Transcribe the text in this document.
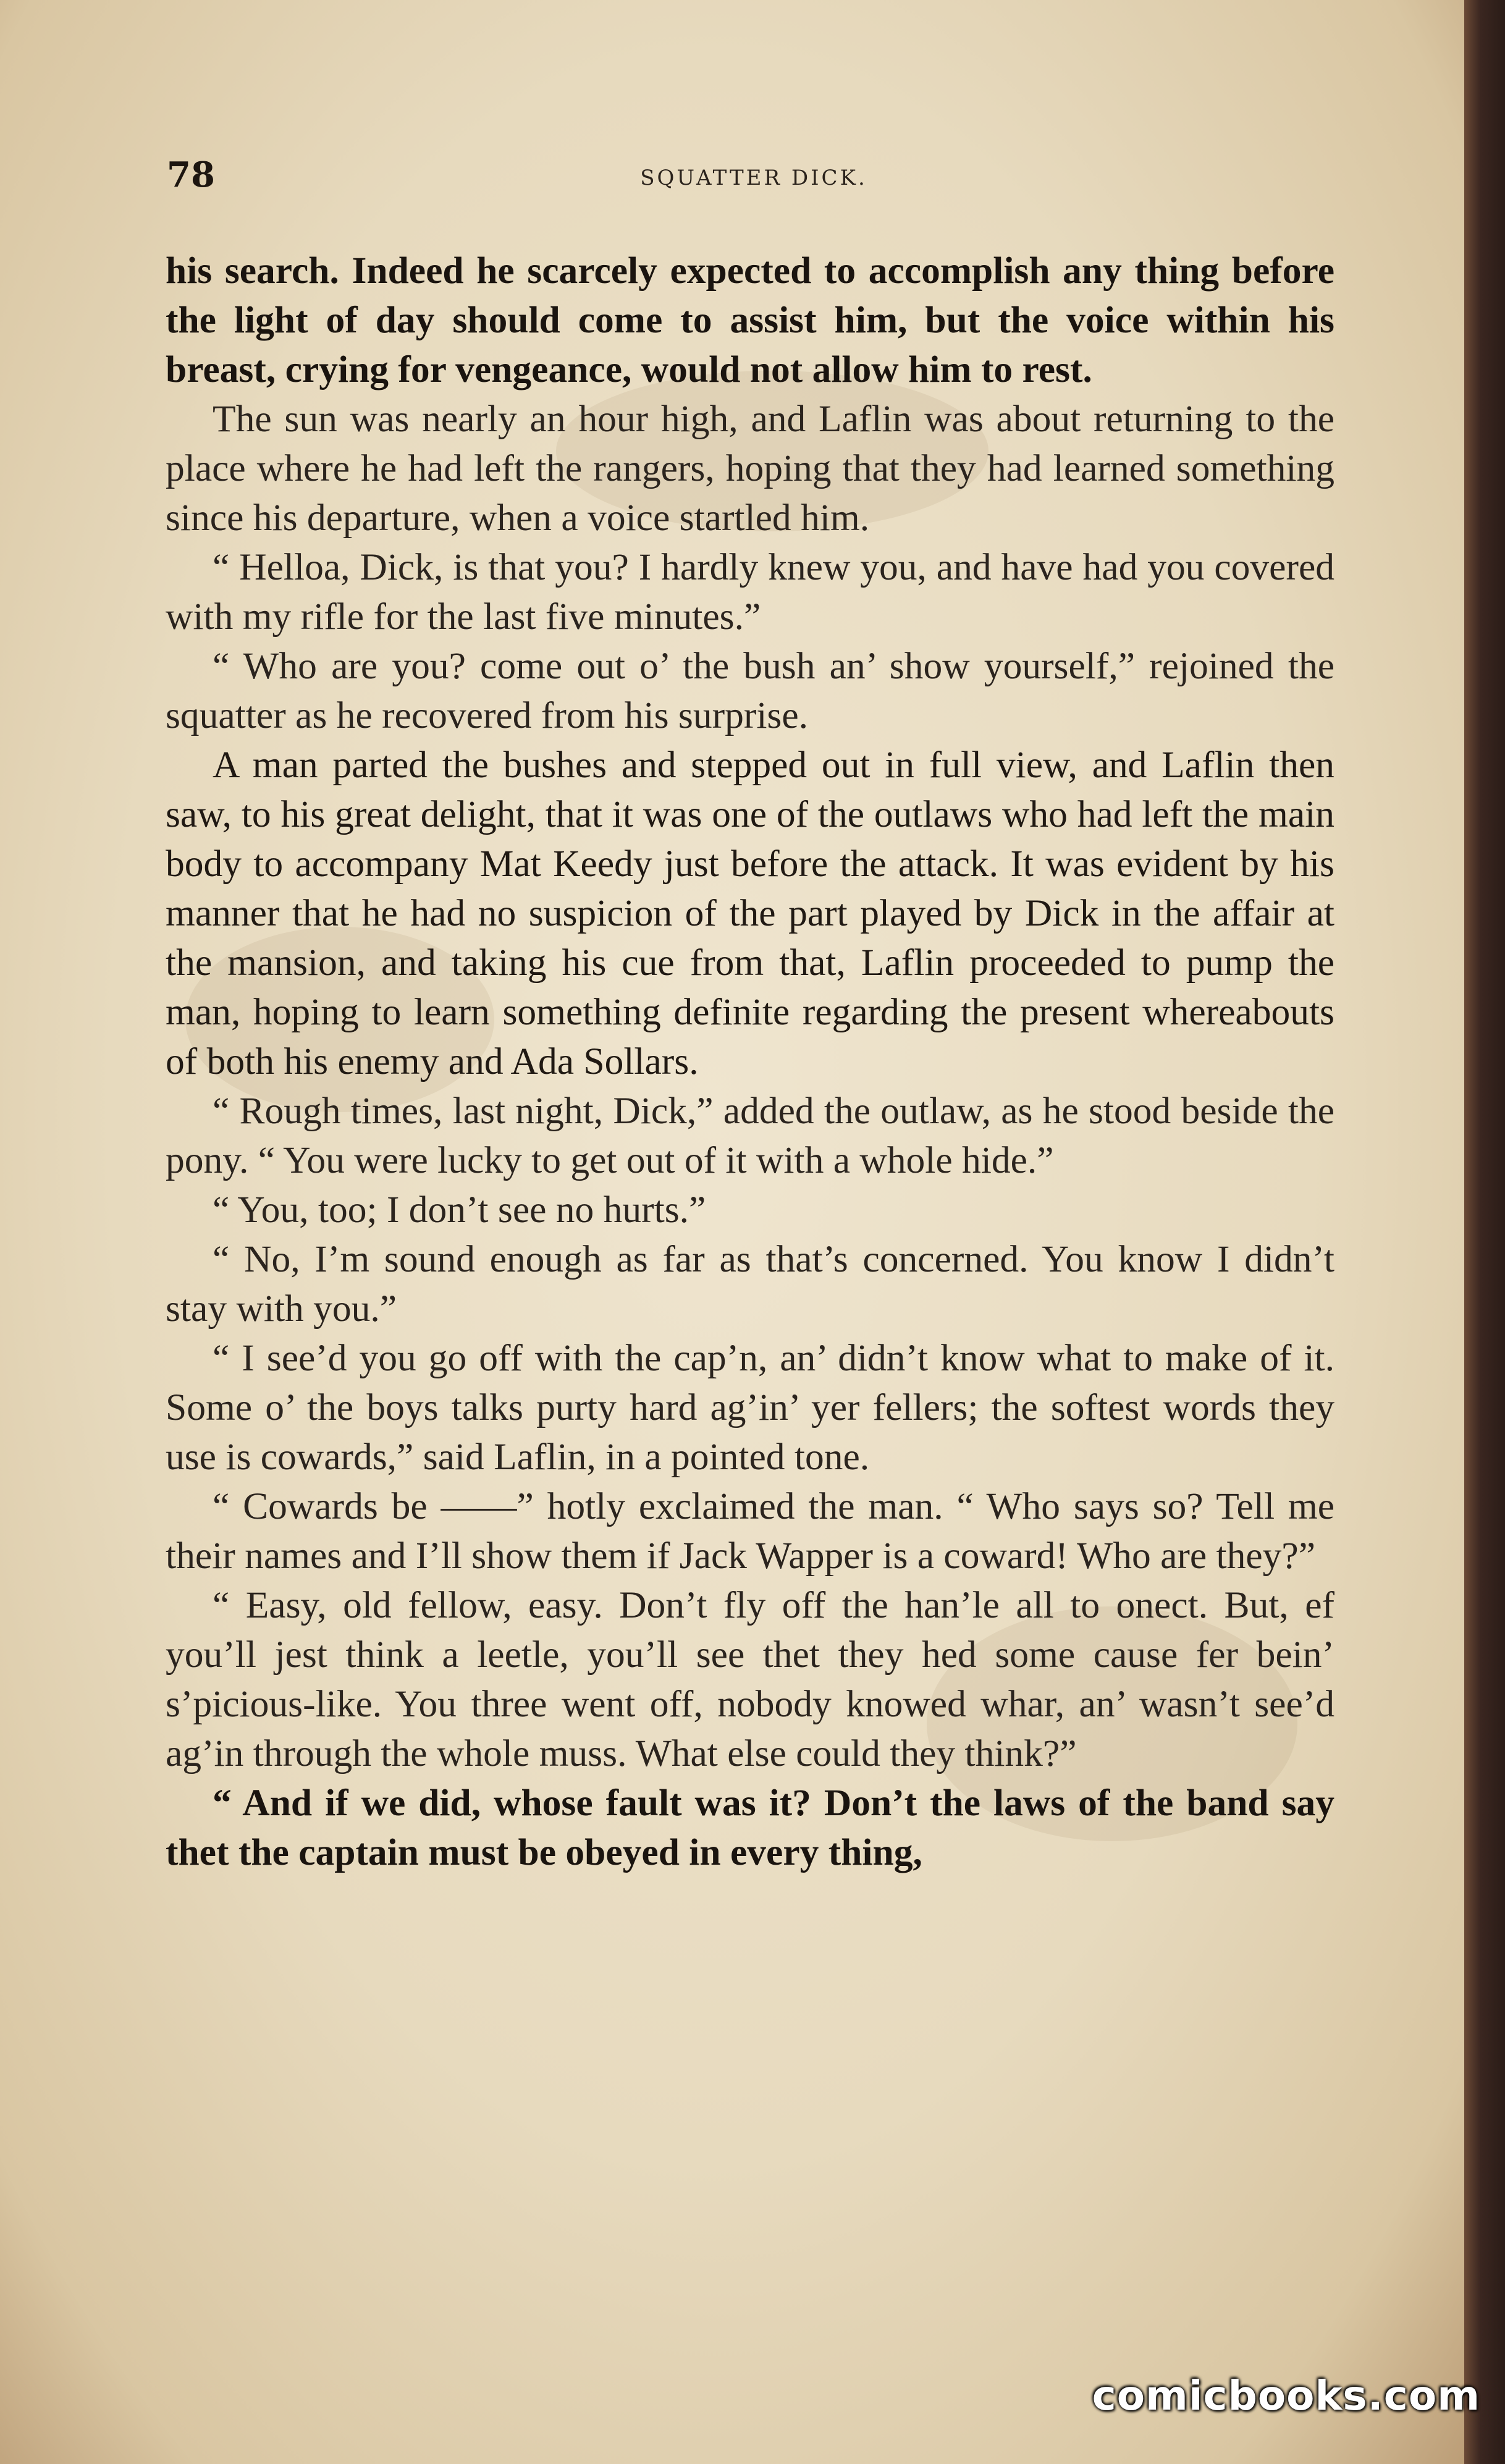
78	SQUATTER DICK.

his search. Indeed he scarcely expected to accomplish any thing before the light of day should come to assist him, but the voice within his breast, crying for vengeance, would not allow him to rest.

The sun was nearly an hour high, and Laflin was about returning to the place where he had left the rangers, hoping that they had learned something since his departure, when a voice startled him.

“ Helloa, Dick, is that you? I hardly knew you, and have had you covered with my rifle for the last five minutes.”

“ Who are you? come out o’ the bush an’ show yourself,” rejoined the squatter as he recovered from his surprise.

A man parted the bushes and stepped out in full view, and Laflin then saw, to his great delight, that it was one of the outlaws who had left the main body to accompany Mat Keedy just before the attack. It was evident by his manner that he had no suspicion of the part played by Dick in the affair at the mansion, and taking his cue from that, Laflin proceeded to pump the man, hoping to learn something definite regarding the present whereabouts of both his enemy and Ada Sollars.

“ Rough times, last night, Dick,” added the outlaw, as he stood beside the pony. “ You were lucky to get out of it with a whole hide.”

“ You, too; I don’t see no hurts.”

“ No, I’m sound enough as far as that’s concerned. You know I didn’t stay with you.”

“ I see’d you go off with the cap’n, an’ didn’t know what to make of it. Some o’ the boys talks purty hard ag’in’ yer fellers; the softest words they use is cowards,” said Laflin, in a pointed tone.

“ Cowards be ——” hotly exclaimed the man. “ Who says so? Tell me their names and I’ll show them if Jack Wapper is a coward! Who are they?”

“ Easy, old fellow, easy. Don’t fly off the han’le all to onect. But, ef you’ll jest think a leetle, you’ll see thet they hed some cause fer bein’ s’picious-like. You three went off, nobody knowed whar, an’ wasn’t see’d ag’in through the whole muss. What else could they think?”

“ And if we did, whose fault was it? Don’t the laws of the band say thet the captain must be obeyed in every thing,

comicbooks.com
